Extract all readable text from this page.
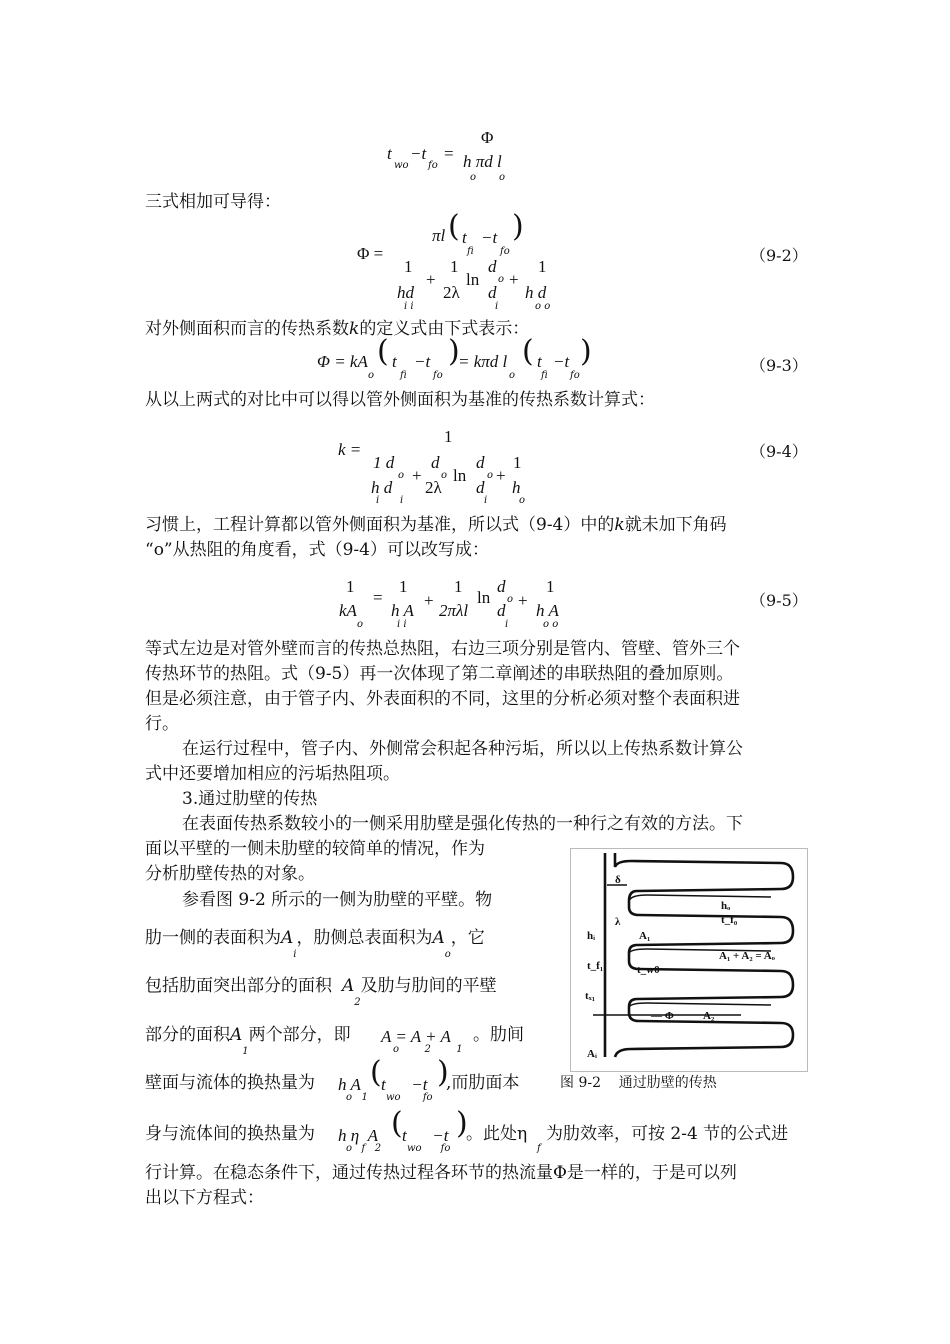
t
wo
−t
fo
=
Φ
h πd l
o o
三式相加可导得：
Φ =
πl ( t
fi
−t
fo
)
1
hd
i i
+
1
2λ
ln
d
o
d
i
+
1
h d
o o
（9-2）
对外侧面积而言的传热系数k的定义式由下式表示：
Φ = kA
o
( t
fi
−t
fo
)
= kπd l
o
( t
fi
−t
fo
)	（9-3）
从以上两式的对比中可以得以管外侧面积为基准的传热系数计算式：
k =
1
1 d
o
h d
i i
+
d
o
2λ
ln
d
o
d
i
+
1
h
o
（9-4）
习惯上，工程计算都以管外侧面积为基准，所以式（9-4）中的k就未加下角码
“o”从热阻的角度看，式（9-4）可以改写成：
1
kA
o
=
1
h A
i i
+
1
2πλl
ln
d
o
d
i
+
1
h A
o o
（9-5）
等式左边是对管外壁而言的传热总热阻，右边三项分别是管内、管壁、管外三个
传热环节的热阻。式（9-5）再一次体现了第二章阐述的串联热阻的叠加原则。
但是必须注意，由于管子内、外表面积的不同，这里的分析必须对整个表面积进
行。
在运行过程中，管子内、外侧常会积起各种污垢，所以以上传热系数计算公
式中还要增加相应的污垢热阻项。
3.通过肋壁的传热
在表面传热系数较小的一侧采用肋壁是强化传热的一种行之有效的方法。下
面以平壁的一侧未肋壁的较简单的情况，作为
分析肋壁传热的对象。
参看图 9-2 所示的一侧为肋壁的平壁。物
肋一侧的表面积为$A_i$，肋侧总表面积为$A_o$，它
包括肋面突出部分的面积 $A_2$及肋与肋间的平壁
部分的面积$A_1$两个部分，即 A = A + A
o        2        1
。肋间
壁面与流体的换热量为 h A
o   1
( t      −t
wo       fo
)
,而肋面本
身与流体间的换热量为 h η  A
o   f   2
( t      −t
wo      fo
)
。此处η
f
为肋效率，可按 2-4 节的公式进
行计算。在稳态条件下，通过传热过程各环节的热流量Φ是一样的，于是可以列
出以下方程式：
δ
hₒ
t_f₀
hᵢ
λ
A₁
t_f₁
A₁ + A₂ = Aₒ
t_w0
tₓ₁
— Φ	A₂
Aᵢ
图 9-2    通过肋壁的传热
